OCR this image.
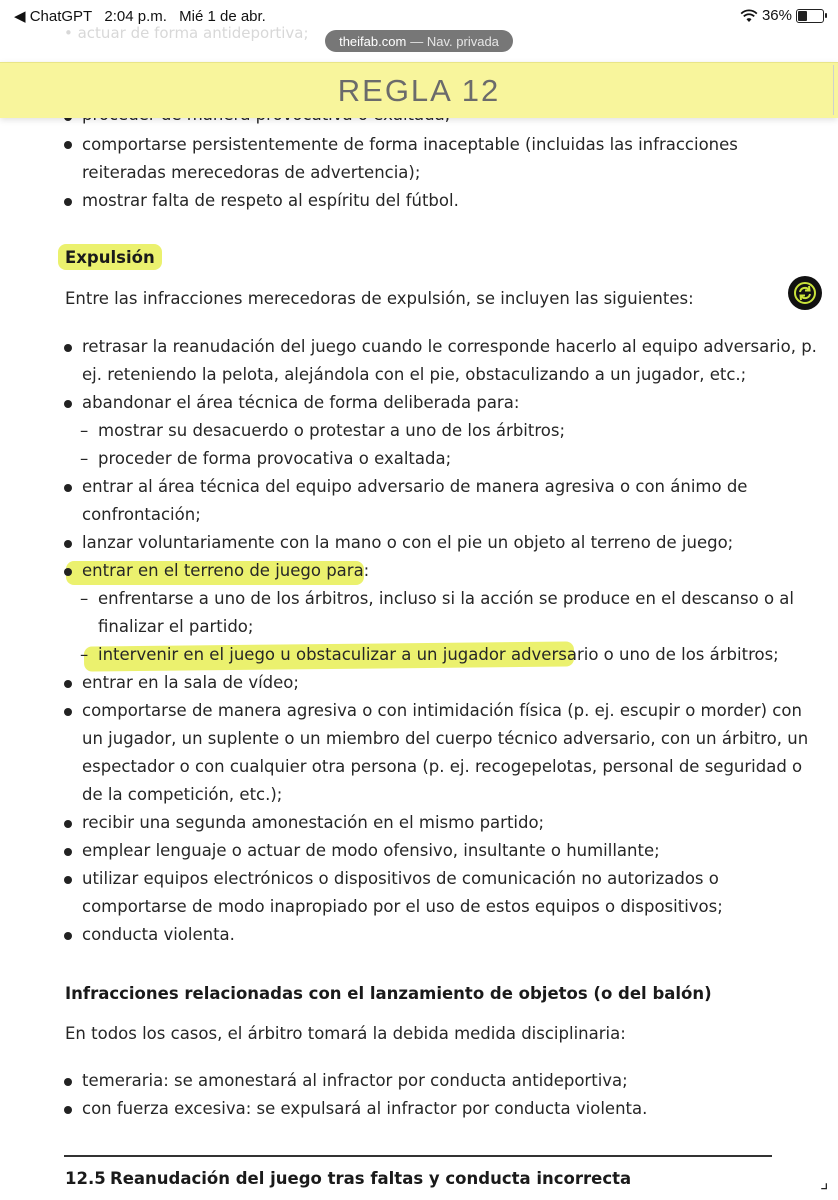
◀ ChatGPT 2:04 p.m. Mié 1 de abr.	36%
• actuar de forma antideportiva; theifab.com — Nav. privada
REGLA 12
comportarse persistentemente de forma inaceptable (incluidas las infracciones
reiteradas merecedoras de advertencia);
mostrar falta de respeto al espíritu del fútbol.
Expulsión
Entre las infracciones merecedoras de expulsión, se incluyen las siguientes:
retrasar la reanudación del juego cuando le corresponde hacerlo al equipo adversario, p.
ej. reteniendo la pelota, alejándola con el pie, obstaculizando a un jugador, etc.;
abandonar el área técnica de forma deliberada para:
– mostrar su desacuerdo o protestar a uno de los árbitros;
– proceder de forma provocativa o exaltada;
entrar al área técnica del equipo adversario de manera agresiva o con ánimo de
confrontación;
lanzar voluntariamente con la mano o con el pie un objeto al terreno de juego;
entrar en el terreno de juego para:
– enfrentarse a uno de los árbitros, incluso si la acción se produce en el descanso o al
finalizar el partido;
– intervenir en el juego u obstaculizar a un jugador adversario o uno de los árbitros;
entrar en la sala de vídeo;
comportarse de manera agresiva o con intimidación física (p. ej. escupir o morder) con
un jugador, un suplente o un miembro del cuerpo técnico adversario, con un árbitro, un
espectador o con cualquier otra persona (p. ej. recogepelotas, personal de seguridad o
de la competición, etc.);
recibir una segunda amonestación en el mismo partido;
emplear lenguaje o actuar de modo ofensivo, insultante o humillante;
utilizar equipos electrónicos o dispositivos de comunicación no autorizados o
comportarse de modo inapropiado por el uso de estos equipos o dispositivos;
conducta violenta.
Infracciones relacionadas con el lanzamiento de objetos (o del balón)
En todos los casos, el árbitro tomará la debida medida disciplinaria:
temeraria: se amonestará al infractor por conducta antideportiva;
con fuerza excesiva: se expulsará al infractor por conducta violenta.
12.5 Reanudación del juego tras faltas y conducta incorrecta	⌟
